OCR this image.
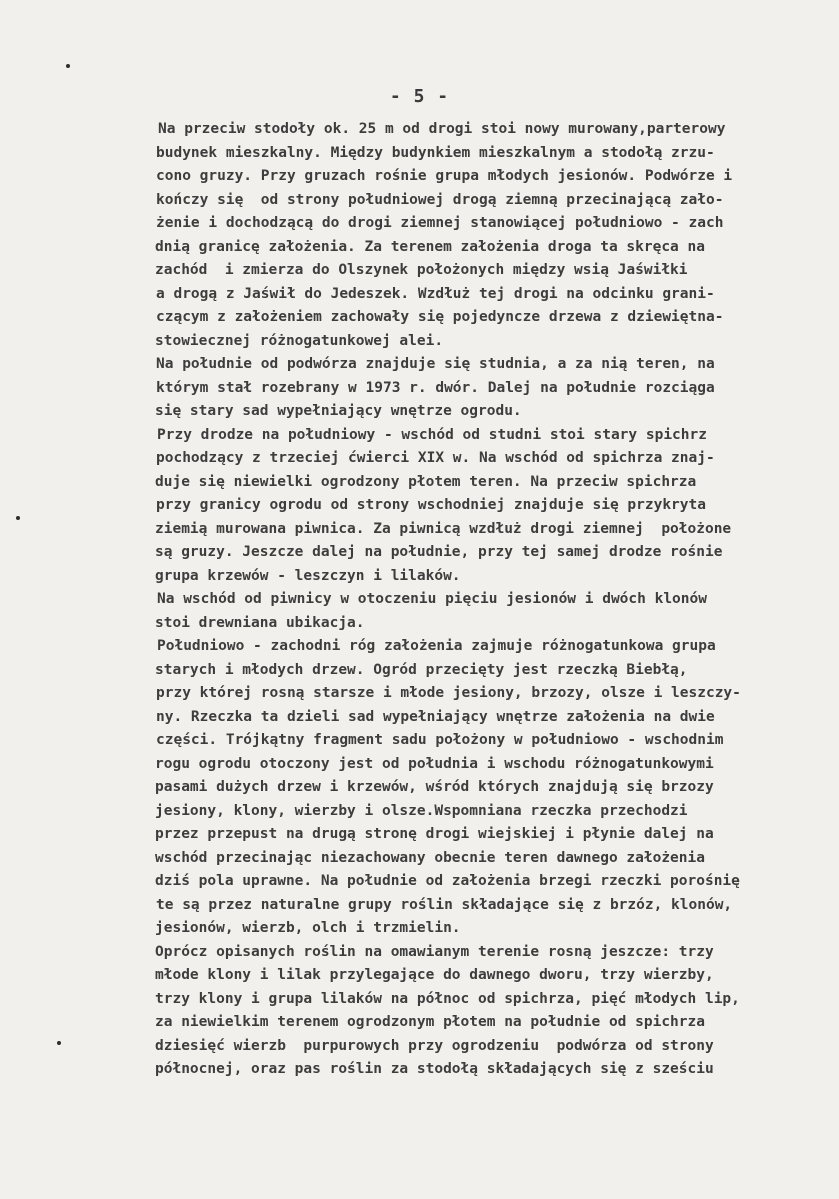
- 5 -
Na przeciw stodoły ok. 25 m od drogi stoi nowy murowany,parterowy
budynek mieszkalny. Między budynkiem mieszkalnym a stodołą zrzu-
cono gruzy. Przy gruzach rośnie grupa młodych jesionów. Podwórze i
kończy się  od strony południowej drogą ziemną przecinającą zało-
żenie i dochodzącą do drogi ziemnej stanowiącej południowo - zach
dnią granicę założenia. Za terenem założenia droga ta skręca na
zachód  i zmierza do Olszynek położonych między wsią Jaświłki
a drogą z Jaświł do Jedeszek. Wzdłuż tej drogi na odcinku grani-
czącym z założeniem zachowały się pojedyncze drzewa z dziewiętna-
stowiecznej różnogatunkowej alei.
Na południe od podwórza znajduje się studnia, a za nią teren, na
którym stał rozebrany w 1973 r. dwór. Dalej na południe rozciąga
się stary sad wypełniający wnętrze ogrodu.
Przy drodze na południowy - wschód od studni stoi stary spichrz
pochodzący z trzeciej ćwierci XIX w. Na wschód od spichrza znaj-
duje się niewielki ogrodzony płotem teren. Na przeciw spichrza
przy granicy ogrodu od strony wschodniej znajduje się przykryta
ziemią murowana piwnica. Za piwnicą wzdłuż drogi ziemnej  położone
są gruzy. Jeszcze dalej na południe, przy tej samej drodze rośnie
grupa krzewów - leszczyn i lilaków.
Na wschód od piwnicy w otoczeniu pięciu jesionów i dwóch klonów
stoi drewniana ubikacja.
Południowo - zachodni róg założenia zajmuje różnogatunkowa grupa
starych i młodych drzew. Ogród przecięty jest rzeczką Biebłą,
przy której rosną starsze i młode jesiony, brzozy, olsze i leszczy-
ny. Rzeczka ta dzieli sad wypełniający wnętrze założenia na dwie
części. Trójkątny fragment sadu położony w południowo - wschodnim
rogu ogrodu otoczony jest od południa i wschodu różnogatunkowymi
pasami dużych drzew i krzewów, wśród których znajdują się brzozy
jesiony, klony, wierzby i olsze.Wspomniana rzeczka przechodzi
przez przepust na drugą stronę drogi wiejskiej i płynie dalej na
wschód przecinając niezachowany obecnie teren dawnego założenia
dziś pola uprawne. Na południe od założenia brzegi rzeczki porośnię
te są przez naturalne grupy roślin składające się z brzóz, klonów,
jesionów, wierzb, olch i trzmielin.
Oprócz opisanych roślin na omawianym terenie rosną jeszcze: trzy
młode klony i lilak przylegające do dawnego dworu, trzy wierzby,
trzy klony i grupa lilaków na północ od spichrza, pięć młodych lip,
za niewielkim terenem ogrodzonym płotem na południe od spichrza
dziesięć wierzb  purpurowych przy ogrodzeniu  podwórza od strony
północnej, oraz pas roślin za stodołą składających się z sześciu
